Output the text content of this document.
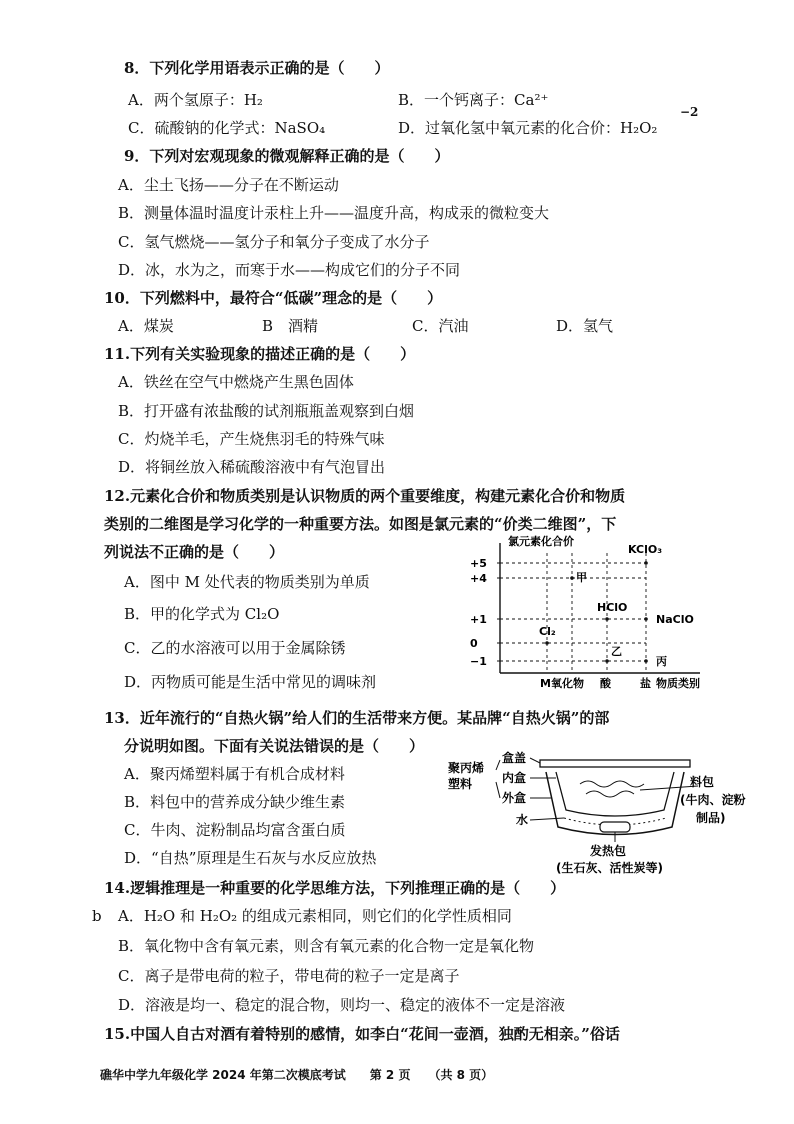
8．下列化学用语表示正确的是（　　）
A．两个氢原子：H₂	B．一个钙离子：Ca²⁺
C．硫酸钠的化学式：NaSO₄	D．过氧化氢中氧元素的化合价：H₂O₂
−2
9．下列对宏观现象的微观解释正确的是（　　）
A．尘土飞扬——分子在不断运动
B．测量体温时温度计汞柱上升——温度升高，构成汞的微粒变大
C．氢气燃烧——氢分子和氧分子变成了水分子
D．冰，水为之，而寒于水——构成它们的分子不同
10．下列燃料中，最符合“低碳”理念的是（　　）
A．煤炭	B　酒精	C．汽油	D．氢气
11.下列有关实验现象的描述正确的是（　　）
A．铁丝在空气中燃烧产生黑色固体
B．打开盛有浓盐酸的试剂瓶瓶盖观察到白烟
C．灼烧羊毛，产生烧焦羽毛的特殊气味
D．将铜丝放入稀硫酸溶液中有气泡冒出
12.元素化合价和物质类别是认识物质的两个重要维度，构建元素化合价和物质
类别的二维图是学习化学的一种重要方法。如图是氯元素的“价类二维图”，下
列说法不正确的是（　　）
A．图中 M 处代表的物质类别为单质
B．甲的化学式为 Cl₂O
C．乙的水溶液可以用于金属除锈
D．丙物质可能是生活中常见的调味剂
氯元素化合价
+5
+4
+1
0
−1
Cl₂
甲
HClO
乙
KClO₃
NaClO
丙
M 氧化物 酸	盐 物质类别
13．近年流行的“自热火锅”给人们的生活带来方便。某品牌“自热火锅”的部
分说明如图。下面有关说法错误的是（　　）
A．聚丙烯塑料属于有机合成材料
B．料包中的营养成分缺少维生素
C．牛肉、淀粉制品均富含蛋白质
D．“自热”原理是生石灰与水反应放热
聚丙烯
塑料
盒盖
内盒
外盒
水
料包
(牛肉、淀粉
制品)
发热包
(生石灰、活性炭等)
14.逻辑推理是一种重要的化学思维方法，下列推理正确的是（　　）
b A．H₂O 和 H₂O₂ 的组成元素相同，则它们的化学性质相同
B．氧化物中含有氧元素，则含有氧元素的化合物一定是氧化物
C．离子是带电荷的粒子，带电荷的粒子一定是离子
D．溶液是均一、稳定的混合物，则均一、稳定的液体不一定是溶液
15.中国人自古对酒有着特别的感情，如李白“花间一壶酒，独酌无相亲。”俗话
礁华中学九年级化学 2024 年第二次模底考试　　第 2 页　　（共 8 页）
